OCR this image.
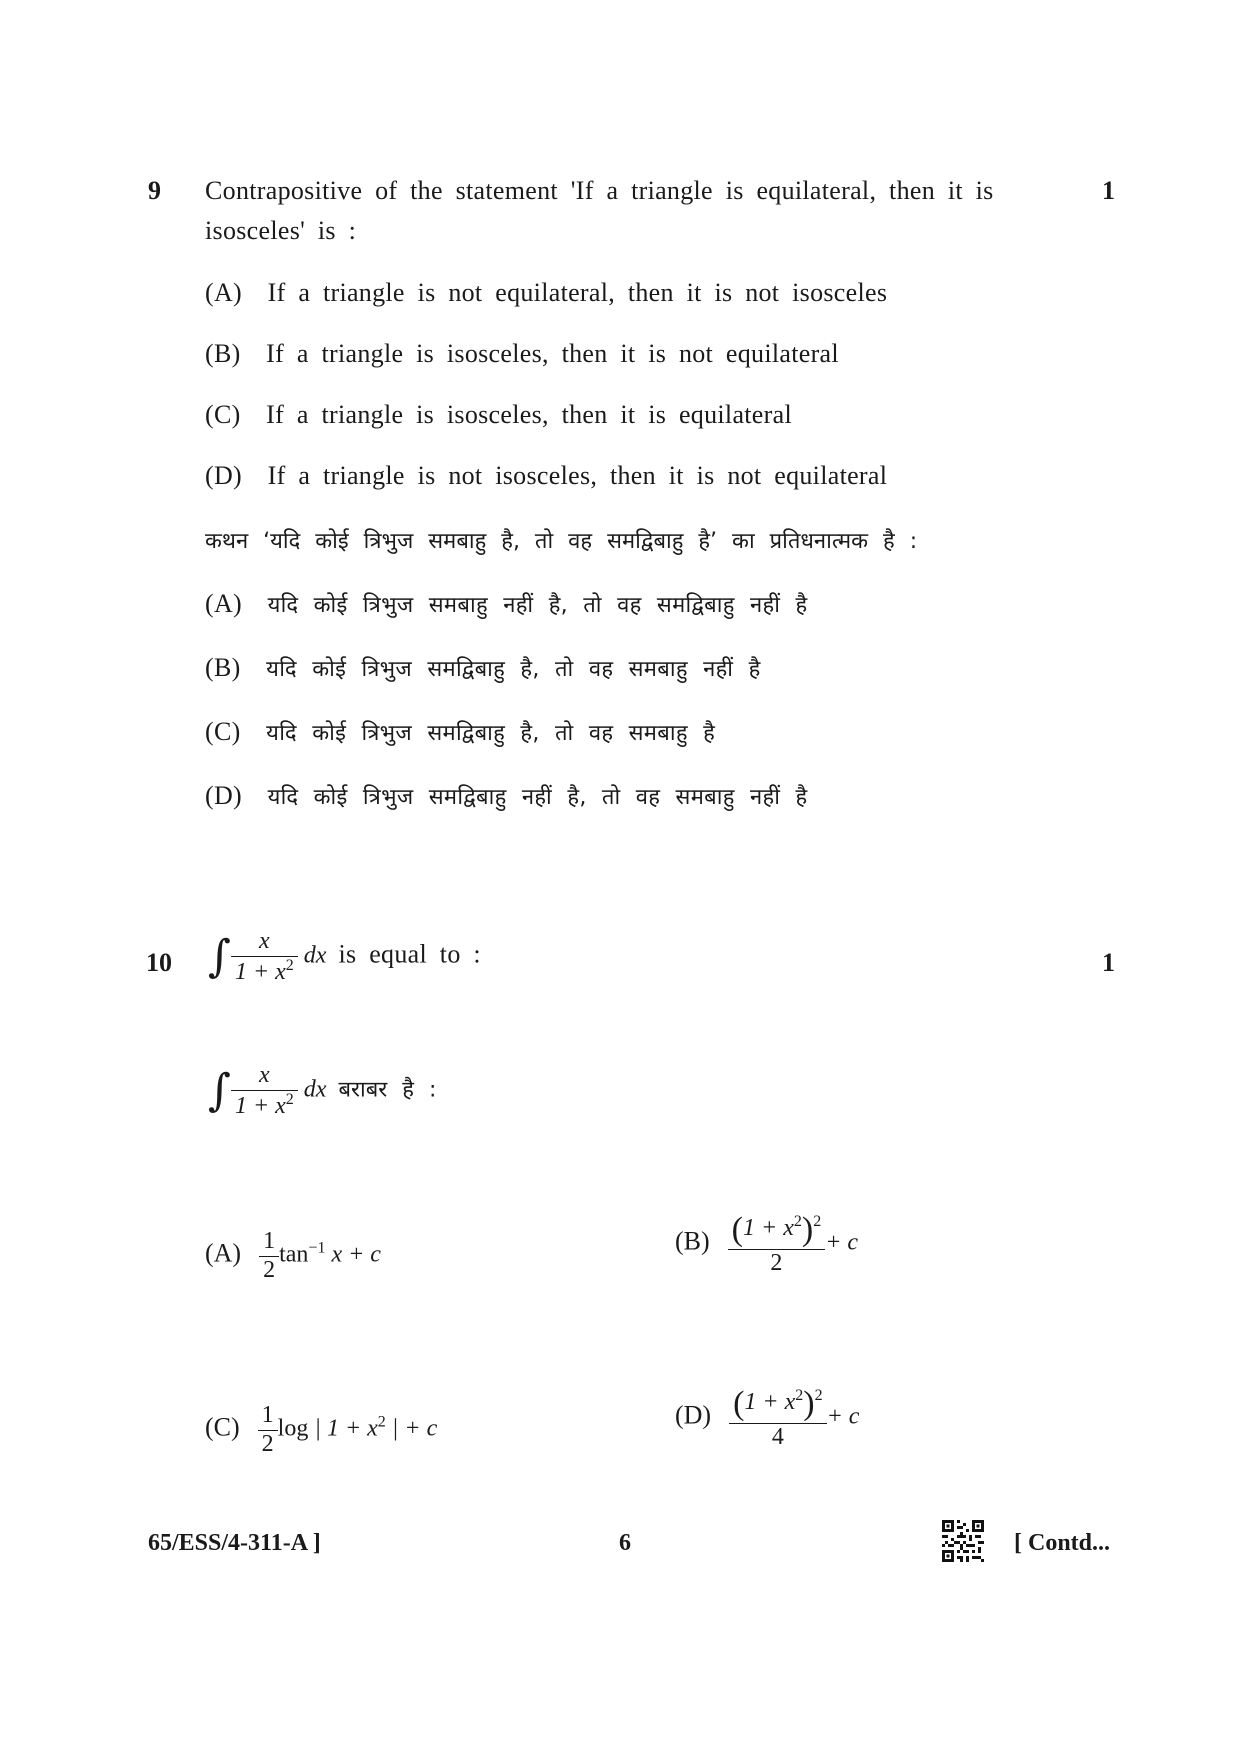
9	1
Contrapositive of the statement 'If a triangle is equilateral, then it is
isosceles' is :
(A) If a triangle is not equilateral, then it is not isosceles
(B) If a triangle is isosceles, then it is not equilateral
(C) If a triangle is isosceles, then it is equilateral
(D) If a triangle is not isosceles, then it is not equilateral
कथन ‘यदि कोई त्रिभुज समबाहु है, तो वह समद्विबाहु है’ का प्रतिधनात्मक है :
(A) यदि कोई त्रिभुज समबाहु नहीं है, तो वह समद्विबाहु नहीं है
(B) यदि कोई त्रिभुज समद्विबाहु है, तो वह समबाहु नहीं है
(C) यदि कोई त्रिभुज समद्विबाहु है, तो वह समबाहु है
(D) यदि कोई त्रिभुज समद्विबाहु नहीं है, तो वह समबाहु नहीं है
10	1
∫ $\frac{x}{1 + x^2}$ dx is equal to :
∫ $\frac{x}{1 + x^2}$ dx बराबर है :
$(A) \frac{1}{2} \tan^{-1} x + c$	$(B) \frac{(1 + x^2)^2}{2} + c$
$(C) \frac{1}{2}$ log | $1 + x^2$ | + c	$(D) \frac{(1 + x^2)^2}{4} + c$
65/ESS/4-311-A ]	6	[ Contd...
